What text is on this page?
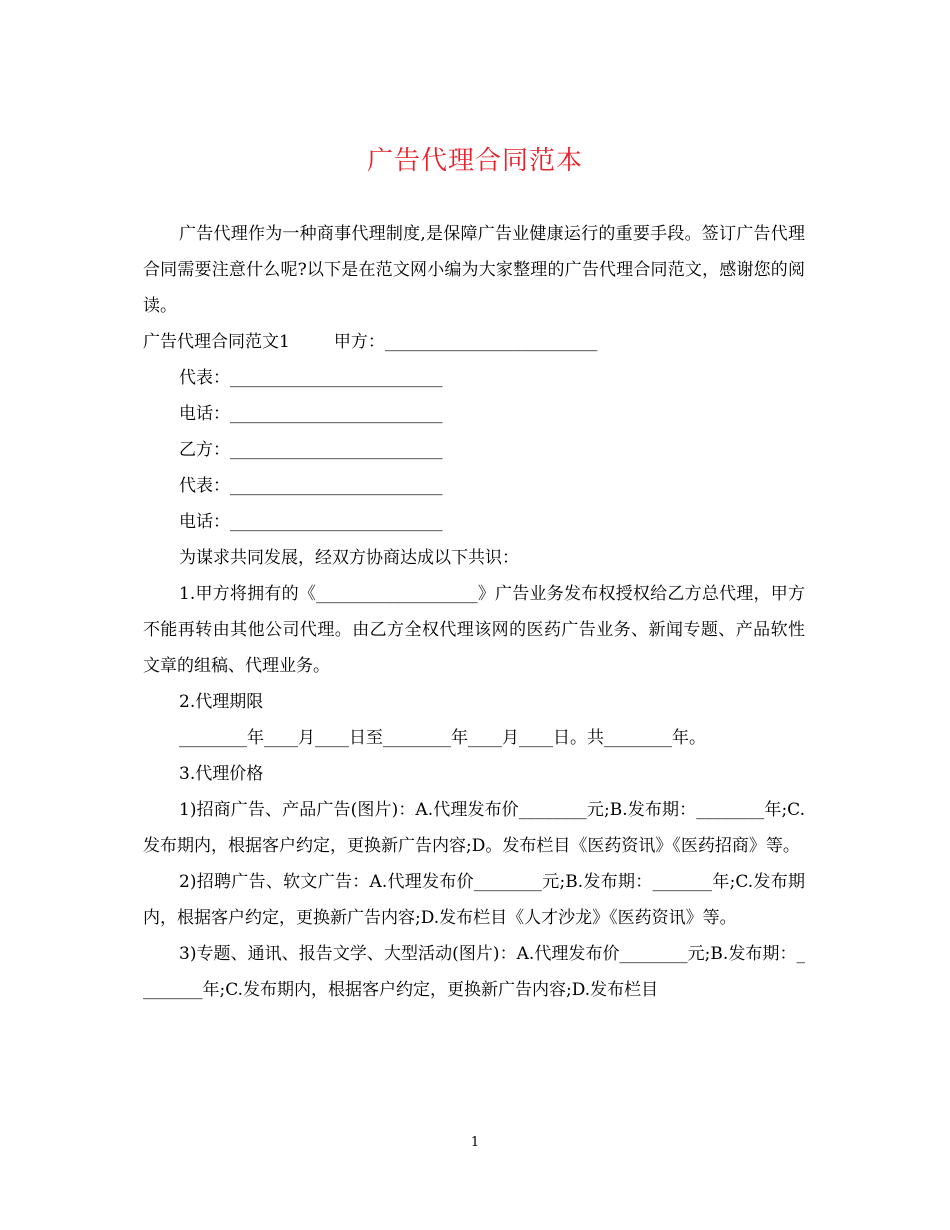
广告代理合同范本

广告代理作为一种商事代理制度,是保障广告业健康运行的重要手段。签订广告代理合同需要注意什么呢?以下是在范文网小编为大家整理的广告代理合同范文，感谢您的阅读。

广告代理合同范文1	甲方：_________________________

代表：_________________________

电话：_________________________

乙方：_________________________

代表：_________________________

电话：_________________________

为谋求共同发展，经双方协商达成以下共识：

1.甲方将拥有的《___________________》广告业务发布权授权给乙方总代理，甲方不能再转由其他公司代理。由乙方全权代理该网的医药广告业务、新闻专题、产品软性文章的组稿、代理业务。

2.代理期限

________年____月____日至________年____月____日。共________年。

3.代理价格

1)招商广告、产品广告(图片)：A.代理发布价________元;B.发布期：________年;C.发布期内，根据客户约定，更换新广告内容;D。发布栏目《医药资讯》《医药招商》等。

2)招聘广告、软文广告：A.代理发布价________元;B.发布期：_______年;C.发布期内，根据客户约定，更换新广告内容;D.发布栏目《人才沙龙》《医药资讯》等。

3)专题、通讯、报告文学、大型活动(图片)：A.代理发布价________元;B.发布期：________年;C.发布期内，根据客户约定，更换新广告内容;D.发布栏目

1
